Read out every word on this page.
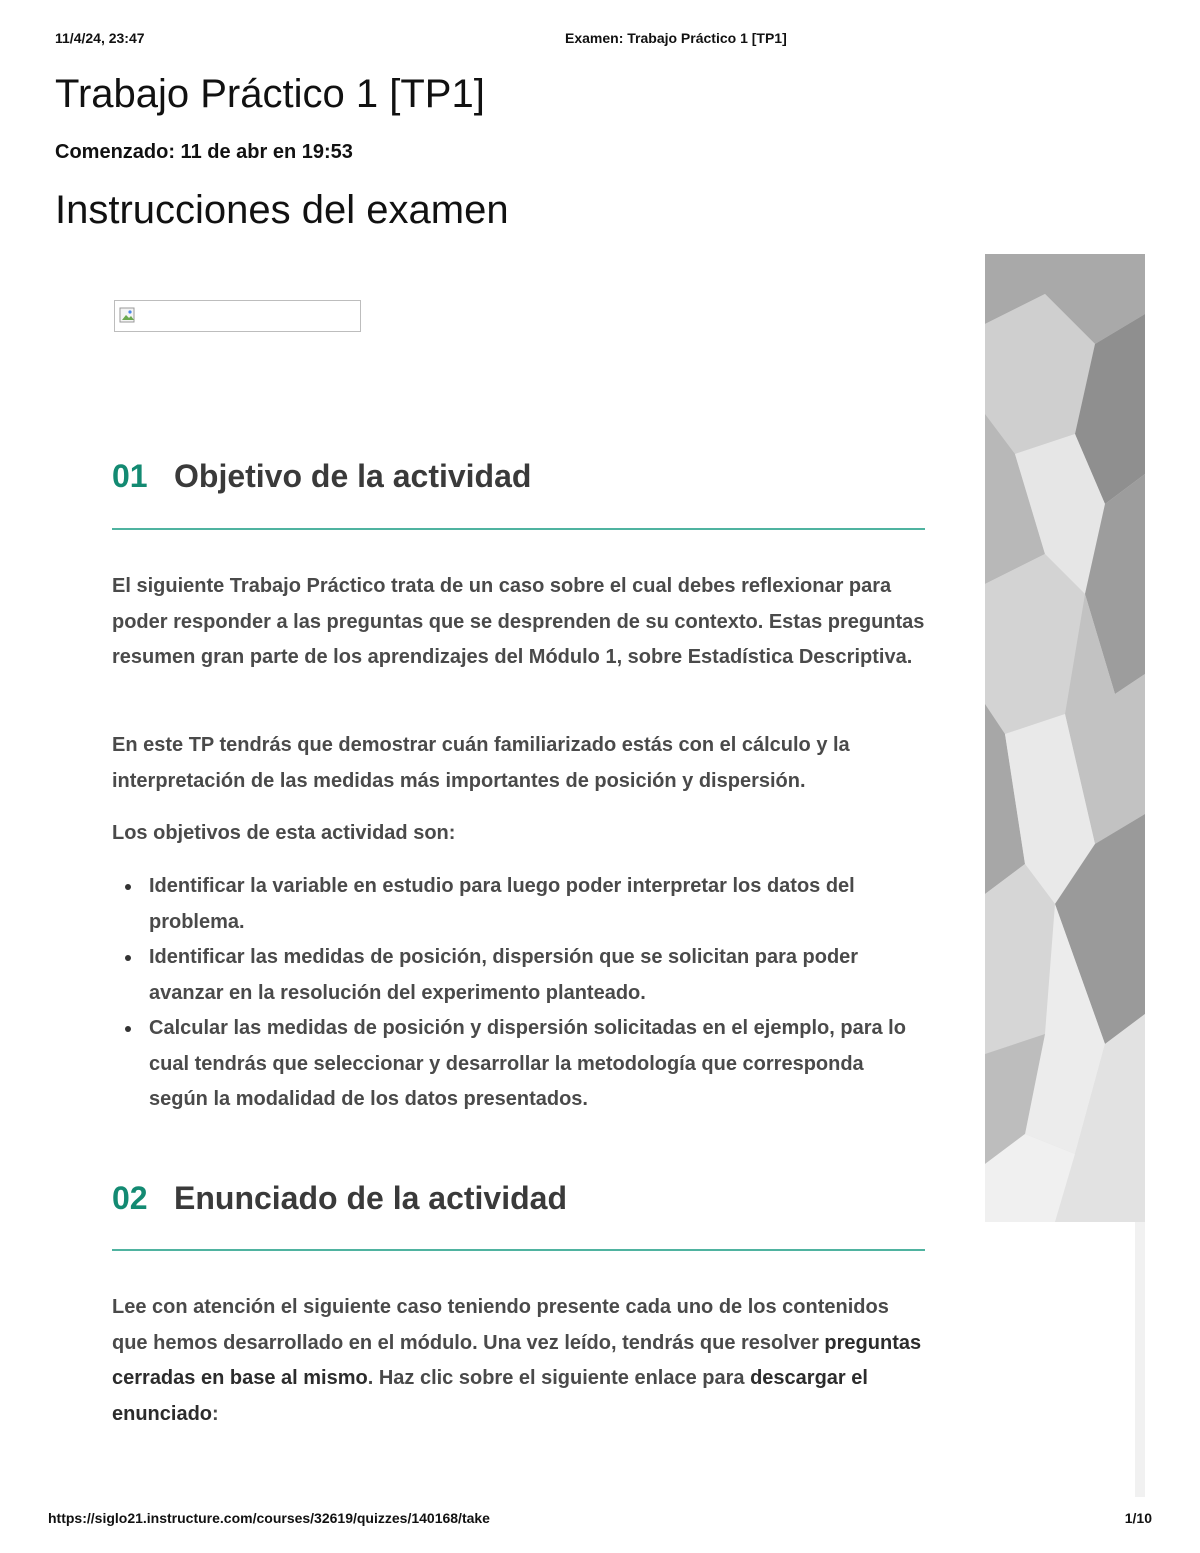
11/4/24, 23:47	Examen: Trabajo Práctico 1 [TP1]
Trabajo Práctico 1 [TP1]
Comenzado: 11 de abr en 19:53
Instrucciones del examen
01 Objetivo de la actividad

El siguiente Trabajo Práctico trata de un caso sobre el cual debes reflexionar para poder responder a las preguntas que se desprenden de su contexto. Estas preguntas resumen gran parte de los aprendizajes del Módulo 1, sobre Estadística Descriptiva.

En este TP tendrás que demostrar cuán familiarizado estás con el cálculo y la interpretación de las medidas más importantes de posición y dispersión.

Los objetivos de esta actividad son:

Identificar la variable en estudio para luego poder interpretar los datos del problema.
Identificar las medidas de posición, dispersión que se solicitan para poder avanzar en la resolución del experimento planteado.
Calcular las medidas de posición y dispersión solicitadas en el ejemplo, para lo cual tendrás que seleccionar y desarrollar la metodología que corresponda según la modalidad de los datos presentados.
02 Enunciado de la actividad

Lee con atención el siguiente caso teniendo presente cada uno de los contenidos que hemos desarrollado en el módulo. Una vez leído, tendrás que resolver preguntas cerradas en base al mismo. Haz clic sobre el siguiente enlace para descargar el enunciado:

https://siglo21.instructure.com/courses/32619/quizzes/140168/take	1/10
